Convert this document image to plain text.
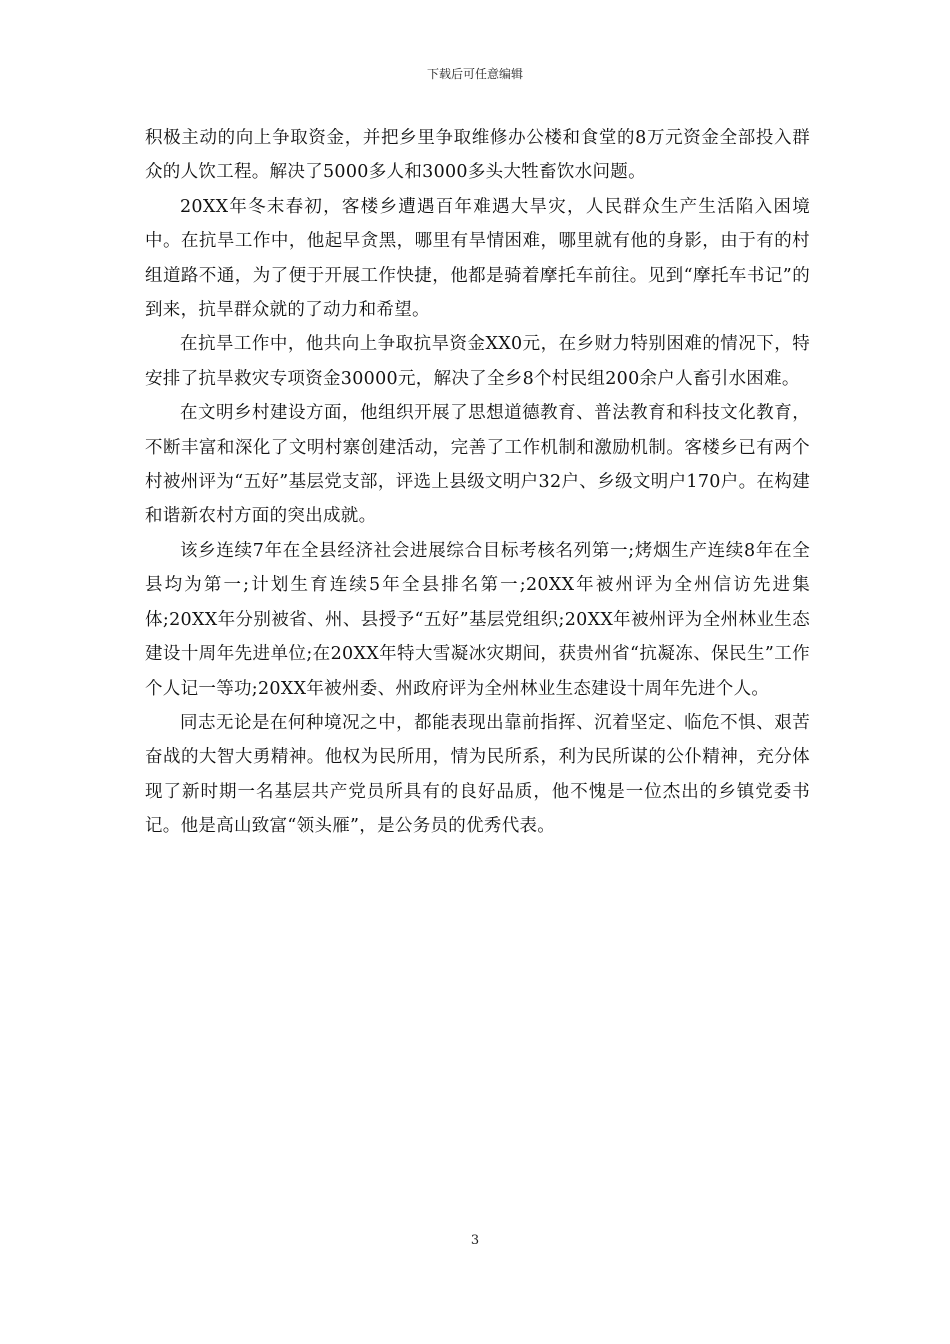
下载后可任意编辑

积极主动的向上争取资金，并把乡里争取维修办公楼和食堂的8万元资金全部投入群众的人饮工程。解决了5000多人和3000多头大牲畜饮水问题。

20XX年冬末春初，客楼乡遭遇百年难遇大旱灾，人民群众生产生活陷入困境中。在抗旱工作中，他起早贪黑，哪里有旱情困难，哪里就有他的身影，由于有的村组道路不通，为了便于开展工作快捷，他都是骑着摩托车前往。见到“摩托车书记”的到来，抗旱群众就的了动力和希望。

在抗旱工作中，他共向上争取抗旱资金XX0元，在乡财力特别困难的情况下，特安排了抗旱救灾专项资金30000元，解决了全乡8个村民组200余户人畜引水困难。

在文明乡村建设方面，他组织开展了思想道德教育、普法教育和科技文化教育，不断丰富和深化了文明村寨创建活动，完善了工作机制和激励机制。客楼乡已有两个村被州评为“五好”基层党支部，评选上县级文明户32户、乡级文明户170户。在构建和谐新农村方面的突出成就。

该乡连续7年在全县经济社会进展综合目标考核名列第一;烤烟生产连续8年在全县均为第一;计划生育连续5年全县排名第一;20XX年被州评为全州信访先进集体;20XX年分别被省、州、县授予“五好”基层党组织;20XX年被州评为全州林业生态建设十周年先进单位;在20XX年特大雪凝冰灾期间，获贵州省“抗凝冻、保民生”工作个人记一等功;20XX年被州委、州政府评为全州林业生态建设十周年先进个人。

同志无论是在何种境况之中，都能表现出靠前指挥、沉着坚定、临危不惧、艰苦奋战的大智大勇精神。他权为民所用，情为民所系，利为民所谋的公仆精神，充分体现了新时期一名基层共产党员所具有的良好品质，他不愧是一位杰出的乡镇党委书记。他是高山致富“领头雁”，是公务员的优秀代表。

3
